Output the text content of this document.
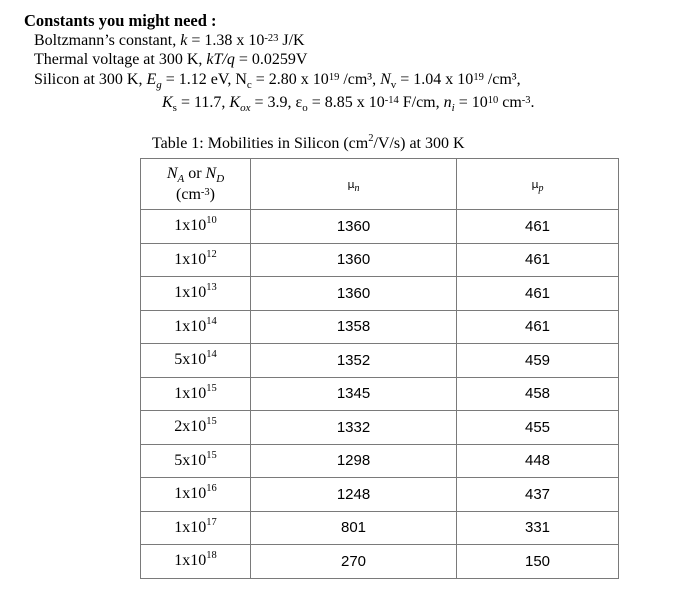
Constants you might need :
Boltzmann’s constant, k = 1.38 x $10^{-23}$ J/K
Thermal voltage at 300 K, kT/q = 0.0259V
Silicon at 300 K, $E_g = 1.12$ eV, $N_c = 2.80$ x $10^{19}$ /cm³, $N_v = 1.04$ x $10^{19}$ /cm³,
$K_s = 11.7$, $K_{ox} = 3.9$, $\varepsilon_o = 8.85$ x $10^{-14}$ F/cm, $n_i = 10^{10}$ $cm^{-3}$.
Table 1: Mobilities in Silicon $(cm^2/V/s)$ at 300 K
$N_A$ or $N_D$
$(cm^{-3})$	μn	μp
$1x10^{10}$	1360	461
$1x10^{12}$	1360	461
$1x10^{13}$	1360	461
$1x10^{14}$	1358	461
$5x10^{14}$	1352	459
$1x10^{15}$	1345	458
$2x10^{15}$	1332	455
$5x10^{15}$	1298	448
$1x10^{16}$	1248	437
$1x10^{17}$	801	331
$1x10^{18}$	270	150
